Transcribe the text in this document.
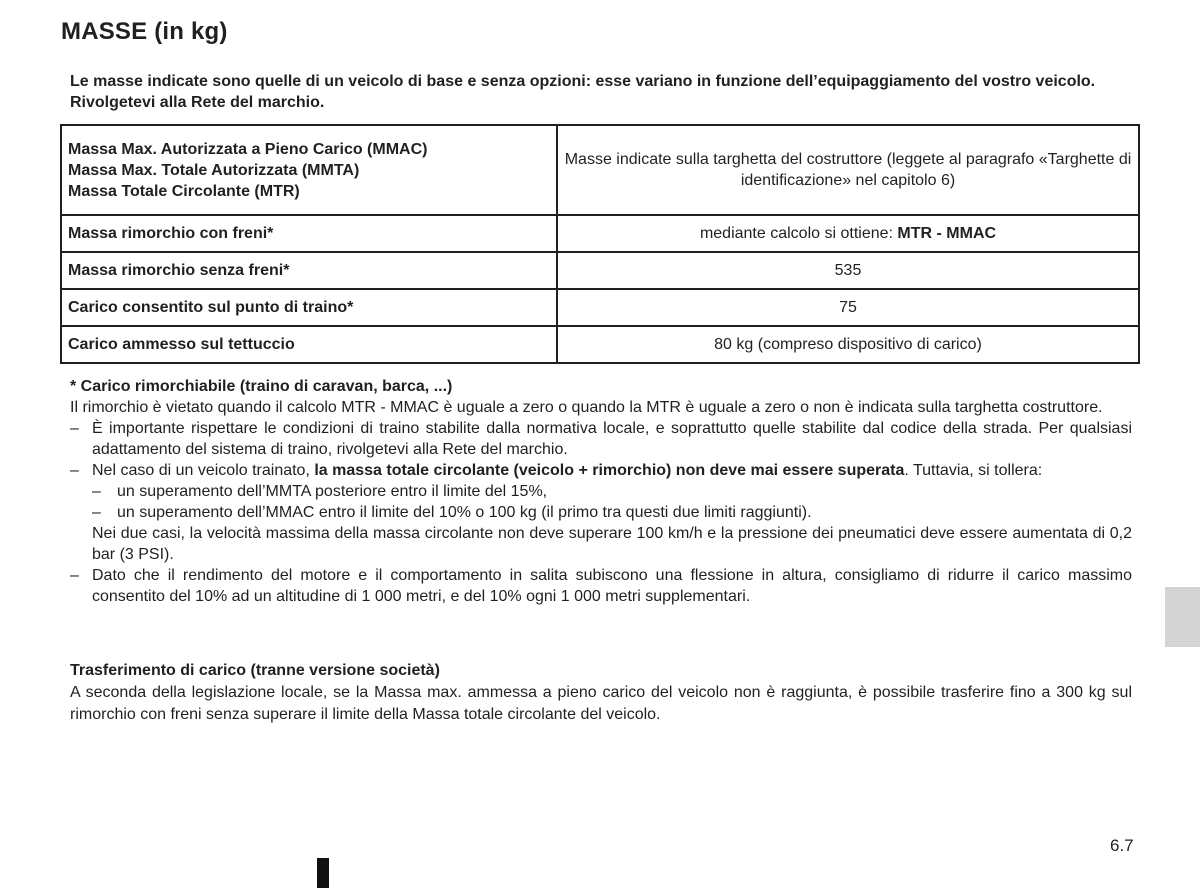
MASSE (in kg)
Le masse indicate sono quelle di un veicolo di base e senza opzioni: esse variano in funzione dell’equipaggiamento del vostro veicolo. Rivolgetevi alla Rete del marchio.
Massa Max. Autorizzata a Pieno Carico (MMAC)
Massa Max. Totale Autorizzata (MMTA)
Massa Totale Circolante (MTR)	Masse indicate sulla targhetta del costruttore (leggete al paragrafo «Targhette di identificazione» nel capitolo 6)
Massa rimorchio con freni*	mediante calcolo si ottiene: MTR - MMAC
Massa rimorchio senza freni*	535
Carico consentito sul punto di traino*	75
Carico ammesso sul tettuccio	80 kg (compreso dispositivo di carico)

* Carico rimorchiabile (traino di caravan, barca, ...)

Il rimorchio è vietato quando il calcolo MTR - MMAC è uguale a zero o quando la MTR è uguale a zero o non è indicata sulla targhetta costruttore.

– È importante rispettare le condizioni di traino stabilite dalla normativa locale, e soprattutto quelle stabilite dal codice della strada. Per qualsiasi adattamento del sistema di traino, rivolgetevi alla Rete del marchio.

– Nel caso di un veicolo trainato, la massa totale circolante (veicolo + rimorchio) non deve mai essere superata. Tuttavia, si tollera:

– un superamento dell’MMTA posteriore entro il limite del 15%,

– un superamento dell’MMAC entro il limite del 10% o 100 kg (il primo tra questi due limiti raggiunti).

Nei due casi, la velocità massima della massa circolante non deve superare 100 km/h e la pressione dei pneumatici deve essere aumentata di 0,2 bar (3 PSI).

– Dato che il rendimento del motore e il comportamento in salita subiscono una flessione in altura, consigliamo di ridurre il carico massimo consentito del 10% ad un altitudine di 1 000 metri, e del 10% ogni 1 000 metri supplementari.

Trasferimento di carico (tranne versione società)

A seconda della legislazione locale, se la Massa max. ammessa a pieno carico del veicolo non è raggiunta, è possibile trasferire fino a 300 kg sul rimorchio con freni senza superare il limite della Massa totale circolante del veicolo.

6.7
